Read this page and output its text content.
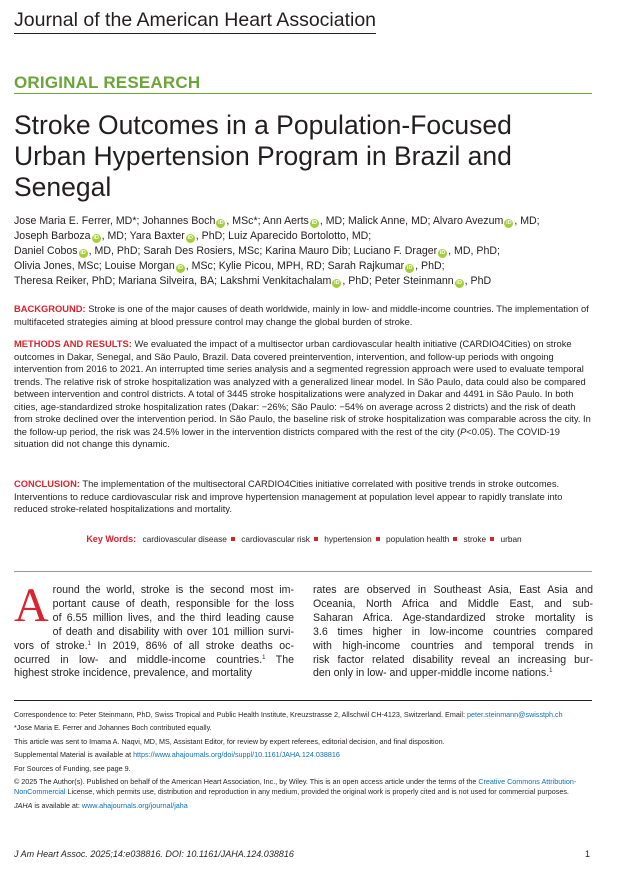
Journal of the American Heart Association
ORIGINAL RESEARCH
Stroke Outcomes in a Population-Focused
Urban Hypertension Program in Brazil and
Senegal
Jose Maria E. Ferrer, MD*; Johannes Boch iD , MSc*; Ann Aerts iD , MD; Malick Anne, MD; Alvaro Avezum iD , MD;
Joseph Barboza iD , MD; Yara Baxter iD , PhD; Luiz Aparecido Bortolotto, MD;
Daniel Cobos iD , MD, PhD; Sarah Des Rosiers, MSc; Karina Mauro Dib; Luciano F. Drager iD , MD, PhD;
Olivia Jones, MSc; Louise Morgan iD , MSc; Kylie Picou, MPH, RD; Sarah Rajkumar iD , PhD;
Theresa Reiker, PhD; Mariana Silveira, BA; Lakshmi Venkitachalam iD , PhD; Peter Steinmann iD , PhD
BACKGROUND: Stroke is one of the major causes of death worldwide, mainly in low- and middle-income countries. The implementation of multifaceted strategies aiming at blood pressure control may change the global burden of stroke.
METHODS AND RESULTS: We evaluated the impact of a multisector urban cardiovascular health initiative (CARDIO4Cities) on stroke outcomes in Dakar, Senegal, and São Paulo, Brazil. Data covered preintervention, intervention, and follow-up periods with ongoing intervention from 2016 to 2021. An interrupted time series analysis and a segmented regression approach were used to evaluate temporal trends. The relative risk of stroke hospitalization was analyzed with a generalized linear model. In São Paulo, data could also be compared between intervention and control districts. A total of 3445 stroke hospitalizations were analyzed in Dakar and 4491 in São Paulo. In both cities, age-standardized stroke hospitalization rates (Dakar: −26%; São Paulo: −54% on average across 2 districts) and the risk of death from stroke declined over the intervention period. In São Paulo, the baseline risk of stroke hospitalization was comparable across the city. In the follow-up period, the risk was 24.5% lower in the intervention districts compared with the rest of the city (P<0.05). The COVID-19 situation did not change this dynamic.
CONCLUSION: The implementation of the multisectoral CARDIO4Cities initiative correlated with positive trends in stroke outcomes. Interventions to reduce cardiovascular risk and improve hypertension management at population level appear to rapidly translate into reduced stroke-related hospitalizations and mortality.
Key Words: cardiovascular disease cardiovascular risk hypertension population health stroke urban
A round the world, stroke is the second most im-
portant cause of death, responsible for the loss
of 6.55 million lives, and the third leading cause
of death and disability with over 101 million survi-
vors of stroke.$^1$ In 2019, 86% of all stroke deaths oc-
ocurred in low- and middle-income countries.$^1$ The
highest stroke incidence, prevalence, and mortality
rates are observed in Southeast Asia, East Asia and
Oceania, North Africa and Middle East, and sub-
Saharan Africa. Age-standardized stroke mortality is
3.6 times higher in low-income countries compared
with high-income countries and temporal trends in
risk factor related disability reveal an increasing bur-
den only in low- and upper-middle income nations.$^1$

Correspondence to: Peter Steinmann, PhD, Swiss Tropical and Public Health Institute, Kreuzstrasse 2, Allschwil CH-4123, Switzerland. Email: peter.steinmann@swisstph.ch

*Jose Maria E. Ferrer and Johannes Boch contributed equally.

This article was sent to Imama A. Naqvi, MD, MS, Assistant Editor, for review by expert referees, editorial decision, and final disposition.

Supplemental Material is available at https://www.ahajournals.org/doi/suppl/10.1161/JAHA.124.038816

For Sources of Funding, see page 9.

© 2025 The Author(s). Published on behalf of the American Heart Association, Inc., by Wiley. This is an open access article under the terms of the Creative Commons Attribution-NonCommercial License, which permits use, distribution and reproduction in any medium, provided the original work is properly cited and is not used for commercial purposes.

JAHA is available at: www.ahajournals.org/journal/jaha

J Am Heart Assoc. 2025;14:e038816. DOI: 10.1161/JAHA.124.038816	1
